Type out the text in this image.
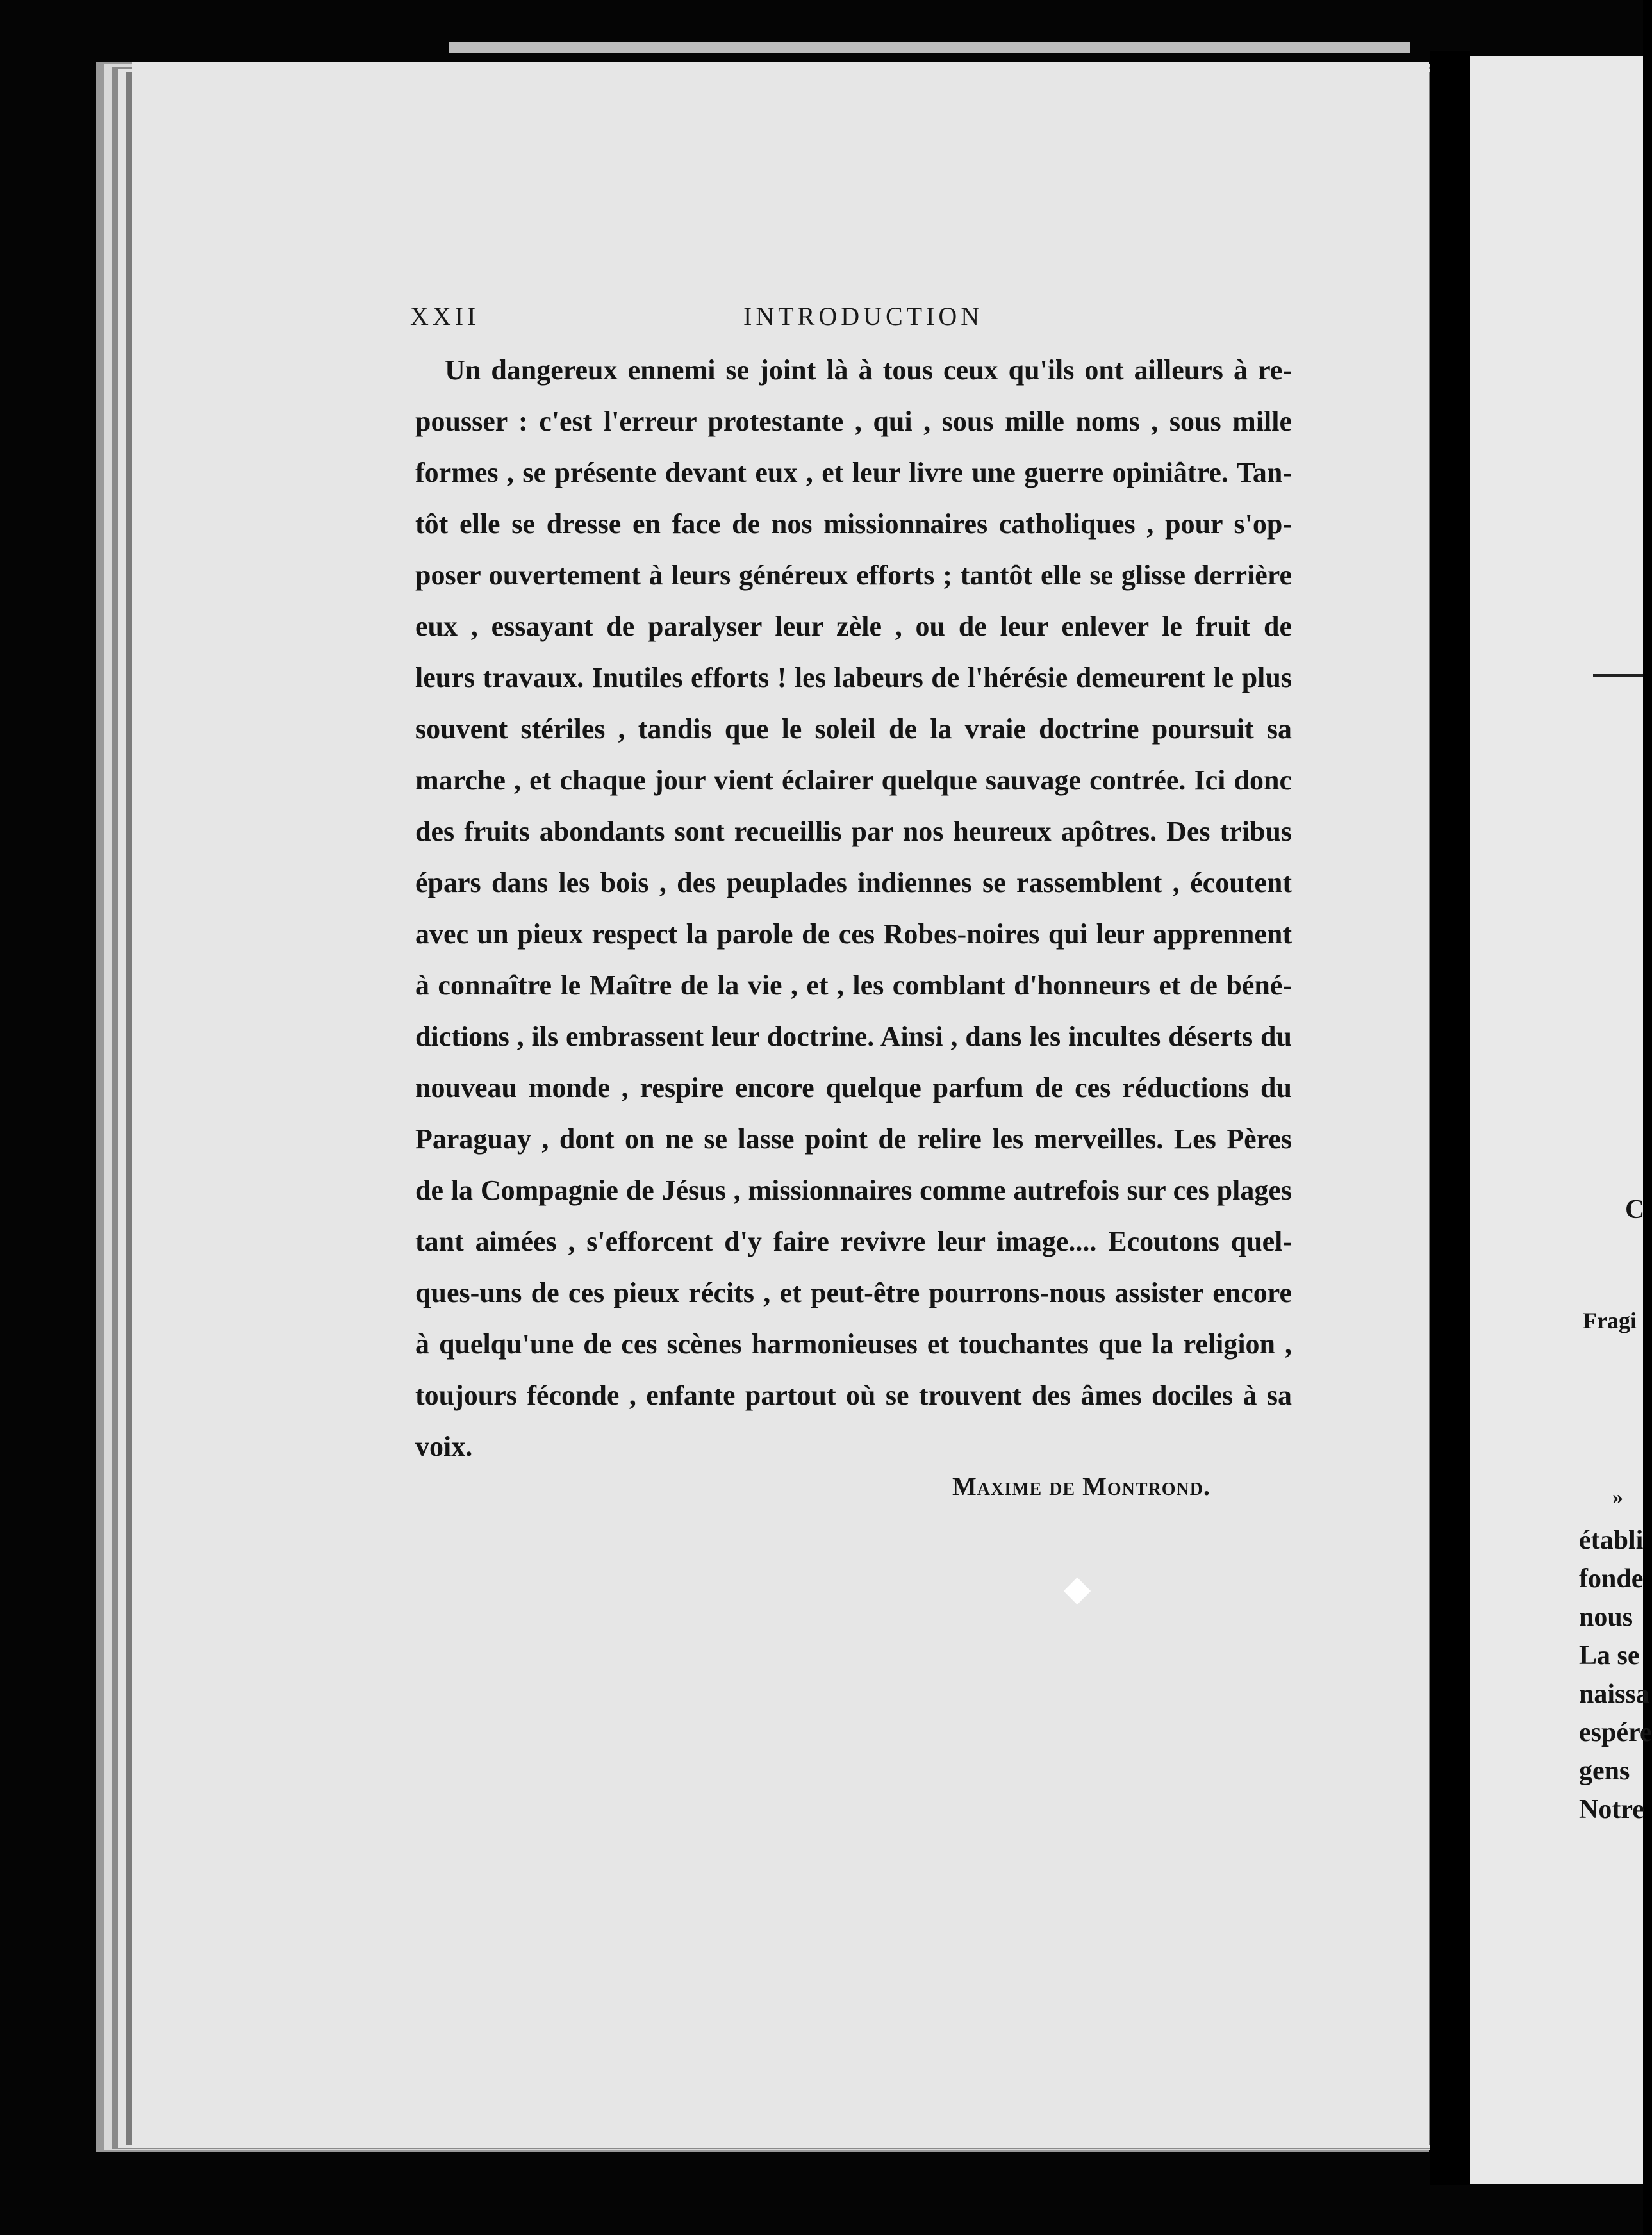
XXII	INTRODUCTION
Un dangereux ennemi se joint là à tous ceux qu'ils ont ailleurs à re-
pousser : c'est l'erreur protestante , qui , sous mille noms , sous mille
formes , se présente devant eux , et leur livre une guerre opiniâtre. Tan-
tôt elle se dresse en face de nos missionnaires catholiques , pour s'op-
poser ouvertement à leurs généreux efforts ; tantôt elle se glisse derrière
eux , essayant de paralyser leur zèle , ou de leur enlever le fruit de
leurs travaux. Inutiles efforts ! les labeurs de l'hérésie demeurent le plus
souvent stériles , tandis que le soleil de la vraie doctrine poursuit sa
marche , et chaque jour vient éclairer quelque sauvage contrée. Ici donc
des fruits abondants sont recueillis par nos heureux apôtres. Des tribus
épars dans les bois , des peuplades indiennes se rassemblent , écoutent
avec un pieux respect la parole de ces Robes-noires qui leur apprennent
à connaître le Maître de la vie , et , les comblant d'honneurs et de béné-
dictions , ils embrassent leur doctrine. Ainsi , dans les incultes déserts du
nouveau monde , respire encore quelque parfum de ces réductions du
Paraguay , dont on ne se lasse point de relire les merveilles. Les Pères
de la Compagnie de Jésus , missionnaires comme autrefois sur ces plages
tant aimées , s'efforcent d'y faire revivre leur image.... Ecoutons quel-
ques-uns de ces pieux récits , et peut-être pourrons-nous assister encore
à quelqu'une de ces scènes harmonieuses et touchantes que la religion ,
toujours féconde , enfante partout où se trouvent des âmes dociles à sa
voix.
Maxime de Montrond.
C
Fragi
»
établi
fonde
nous
La se
naissa
espére
gens
Notre
